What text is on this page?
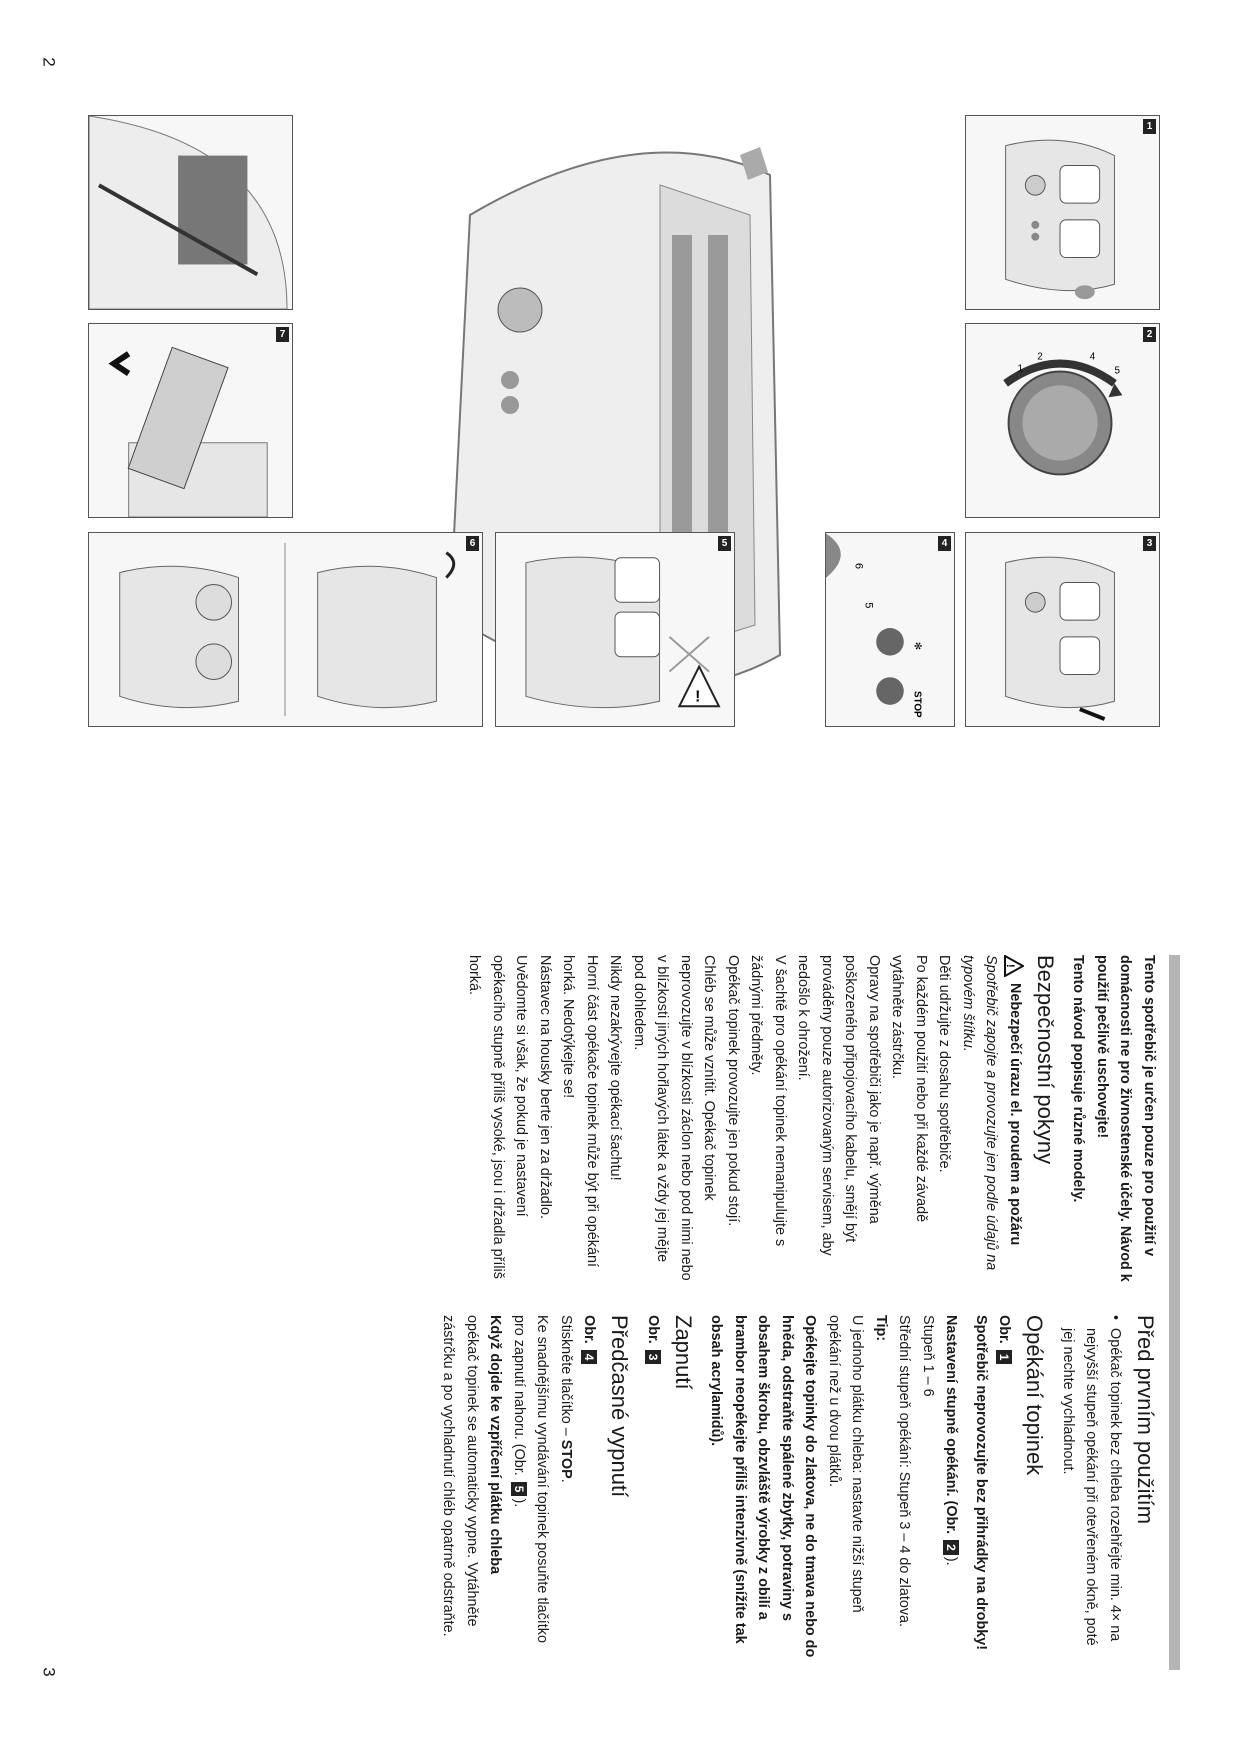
2
3
1
2
1
2	4
5
3
4
✻
STOP
6
5
5
!
6
7

Tento spotřebič je určen pouze pro použití v domácnosti ne pro živnostenské účely. Návod k použití pečlivě uschovejte!

Tento návod popisuje různé modely.

Bezpečnostní pokyny
!
Nebezpečí úrazu el. proudem a požáru

Spotřebič zapojte a provozujte jen podle údajů na typovém štítku.

Děti udržujte z dosahu spotřebiče.

Po každém použití nebo při každé závadě vytáhněte zástrčku.

Opravy na spotřebiči jako je např. výměna poškozeného připojovacího kabelu, smějí být prováděny pouze autorizovaným servisem, aby nedošlo k ohrožení.

V šachtě pro opékání topinek nemanipulujte s žádnými předměty.

Opékač topinek provozujte jen pokud stojí.

Chléb se může vznítit. Opékač topinek neprovozujte v blízkosti záclon nebo pod nimi nebo v blízkosti jiných hořlavých látek a vždy jej mějte pod dohledem.

Nikdy nezakrývejte opékací šachtu!

Horní část opékače topinek může být při opékání horká. Nedotýkejte se!

Nástavec na housky berte jen za držadlo. Uvědomte si však, že pokud je nastavení opékacího stupně příliš vysoké, jsou i držadla příliš horká.

Před prvním použitím
•
Opékač topinek bez chleba rozehřejte min. 4× na nejvyšší stupeň opékání při otevřeném okně, poté jej nechte vychladnout.
Opékání topinek

Obr. 1

Spotřebič neprovozujte bez přihrádky na drobky!

Nastavení stupně opékání. (Obr. 2).

Stupeň 1 – 6

Střední stupeň opékání: Stupeň 3 – 4 do zlatova.

Tip:

U jednoho plátku chleba: nastavte nižší stupeň opékání než u dvou plátků.

Opékejte topinky do zlatova, ne do tmava nebo do hněda, odstraňte spálené zbytky, potraviny s obsahem škrobu, obzvláště výrobky z obilí a brambor neopékejte příliš intenzivně (snížíte tak obsah acrylamidů).

Zapnutí

Obr. 3

Předčasné vypnutí

Obr. 4

Stiskněte tlačítko – STOP.

Ke snadnějšímu vyndávání topinek posuňte tlačítko pro zapnutí nahoru. (Obr. 5).

Když dojde ke vzpříčení plátku chleba

opékač topinek se automaticky vypne. Vytáhněte zástrčku a po vychladnutí chléb opatrně odstraňte.
